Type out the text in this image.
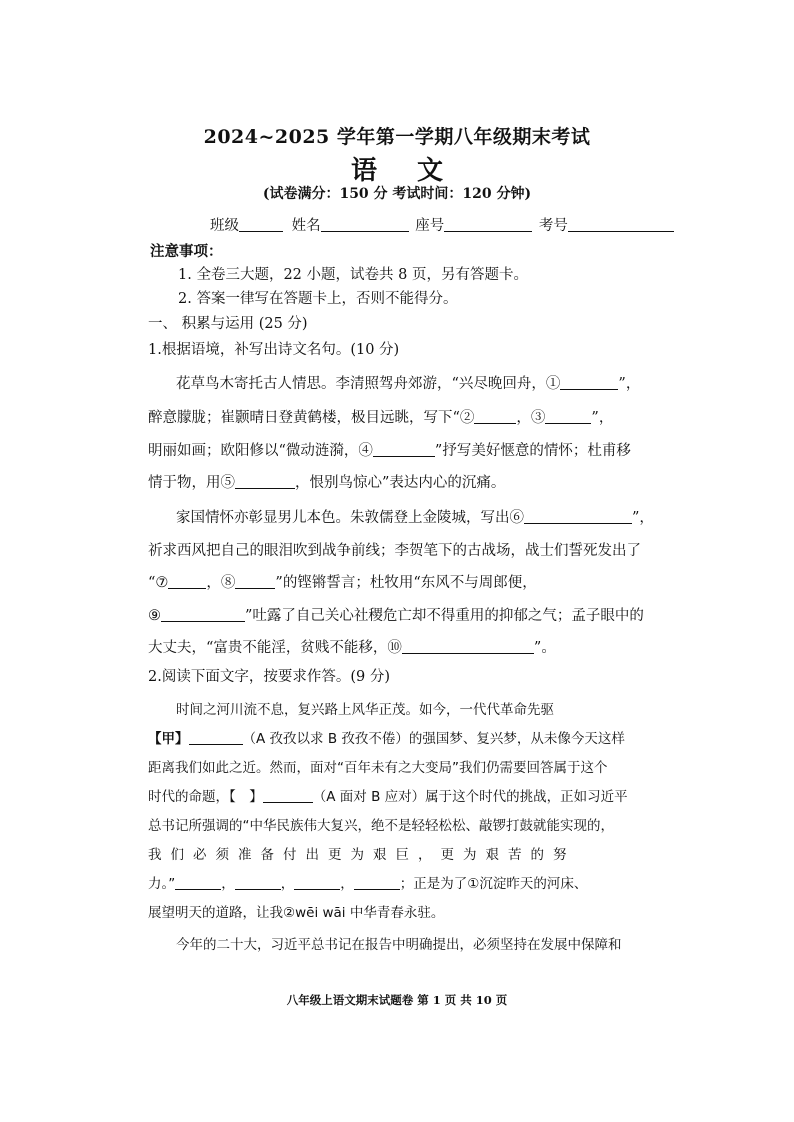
2024~2025 学年第一学期八年级期末考试
语文
(试卷满分：150 分 考试时间：120 分钟)
班级	姓名	座号	考号
注意事项：
1. 全卷三大题，22 小题，试卷共 8 页，另有答题卡。
2. 答案一律写在答题卡上，否则不能得分。
一、 积累与运用 (25 分)
1.根据语境，补写出诗文名句。(10 分)
花草鸟木寄托古人情思。李清照驾舟郊游，“兴尽晚回舟，①	”，
醉意朦胧；崔颢晴日登黄鹤楼，极目远眺，写下“②	，③	”，
明丽如画；欧阳修以“微动涟漪，④	”抒写美好惬意的情怀；杜甫移
情于物，用⑤	，恨别鸟惊心”表达内心的沉痛。
家国情怀亦彰显男儿本色。朱敦儒登上金陵城，写出⑥	”，
祈求西风把自己的眼泪吹到战争前线；李贺笔下的古战场，战士们誓死发出了
“⑦	，⑧	”的铿锵誓言；杜牧用“东风不与周郎便，
⑨	”吐露了自己关心社稷危亡却不得重用的抑郁之气；孟子眼中的
大丈夫，“富贵不能淫，贫贱不能移，⑩	”。
2.阅读下面文字，按要求作答。(9 分)
时间之河川流不息，复兴路上风华正茂。如今，一代代革命先驱
【甲】	（A 孜孜以求 B 孜孜不倦）的强国梦、复兴梦，从未像今天这样
距离我们如此之近。然而，面对“百年未有之大变局”我们仍需要回答属于这个
时代的命题，【　】	（A 面对 B 应对）属于这个时代的挑战，正如习近平
总书记所强调的“中华民族伟大复兴，绝不是轻轻松松、敲锣打鼓就能实现的，
我们必须准备付出更为艰巨，更为艰苦的努
力。”	，	，	，	；正是为了①沉淀昨天的河床、
展望明天的道路，让我②wēi wāi 中华青春永驻。
今年的二十大，习近平总书记在报告中明确提出，必须坚持在发展中保障和
八年级上语文期末试题卷 第 1 页 共 10 页
